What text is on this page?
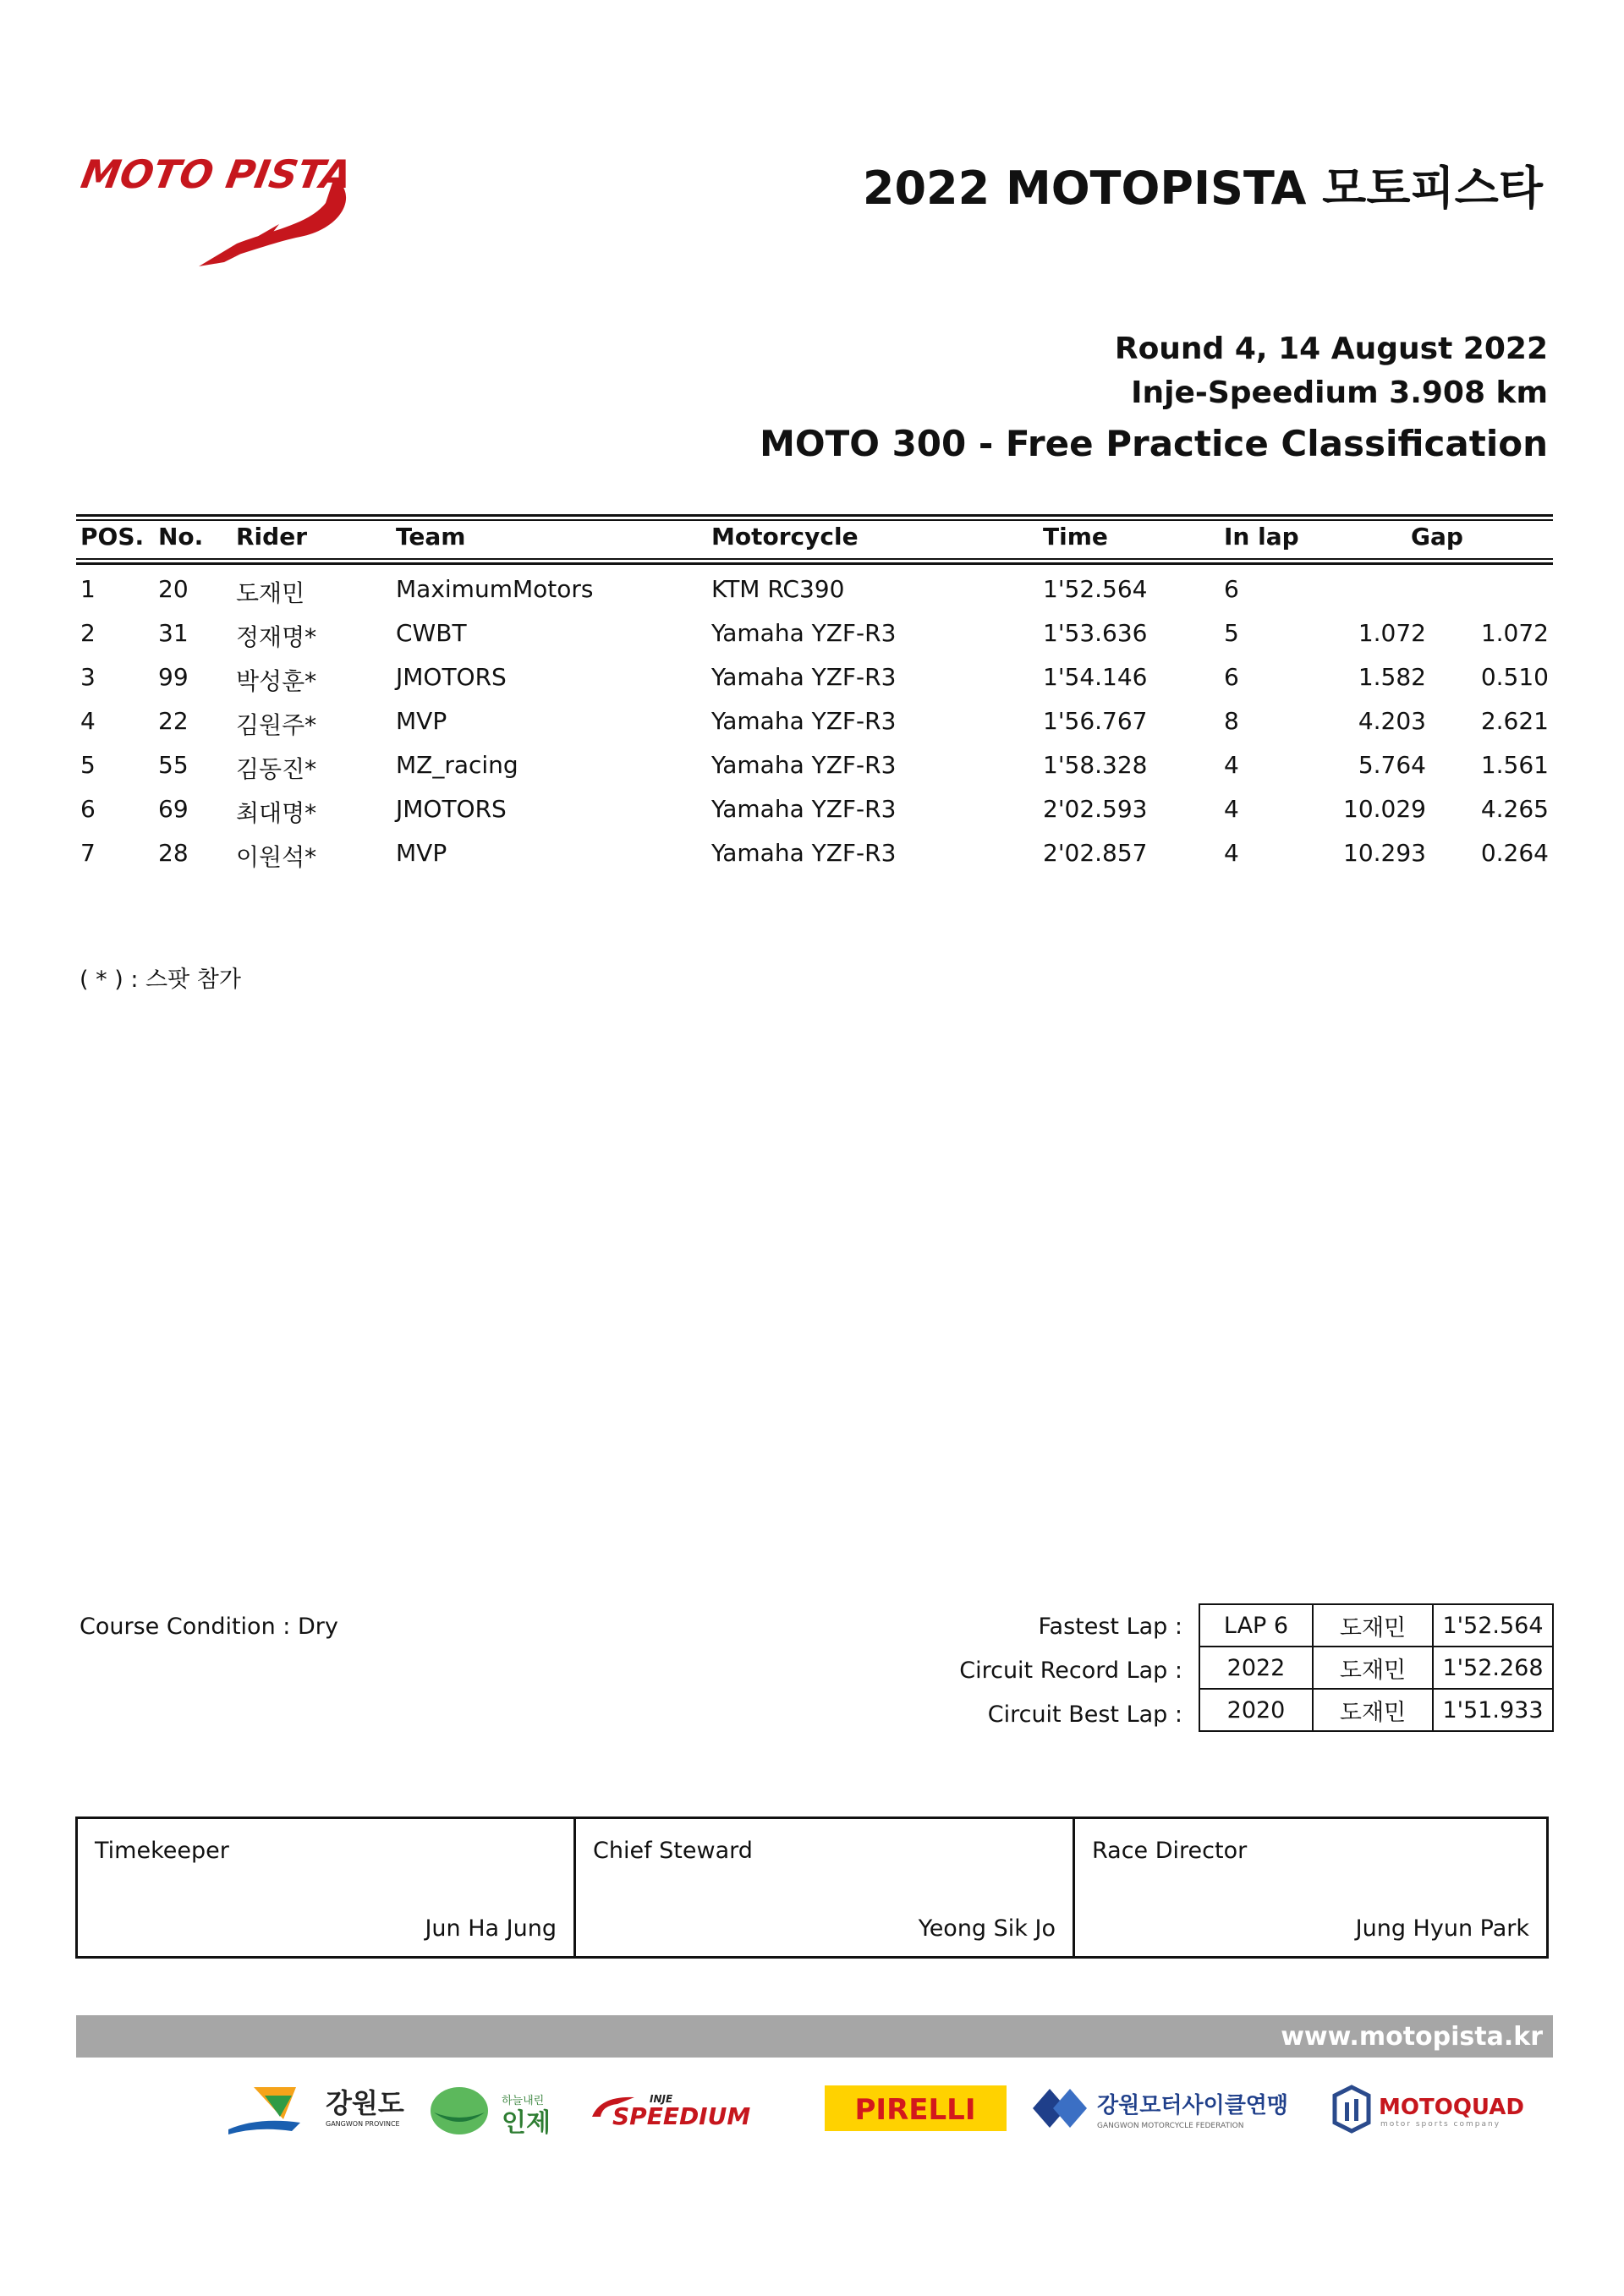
MOTO PISTA	2022 MOTOPISTA 모토피스타
Round 4, 14 August 2022
Inje-Speedium 3.908 km
MOTO 300 - Free Practice Classification
POS. No. Rider	Team	Motorcycle	Time	In lap	Gap
1	20 도재민	MaximumMotors	KTM RC390	1'52.564	6
2	31 정재명*	CWBT	Yamaha YZF-R3	1'53.636	5	1.072 1.072
3	99 박성훈*	JMOTORS	Yamaha YZF-R3	1'54.146	6	1.582 0.510
4	22 김원주*	MVP	Yamaha YZF-R3	1'56.767	8	4.203 2.621
5	55 김동진*	MZ_racing	Yamaha YZF-R3	1'58.328	4	5.764 1.561
6	69 최대명*	JMOTORS	Yamaha YZF-R3	2'02.593	4	10.029 4.265
7	28 이원석*	MVP	Yamaha YZF-R3	2'02.857	4	10.293 0.264
( * ) : 스팟 참가
Course Condition : Dry	Fastest Lap :
Circuit Record Lap :
Circuit Best Lap :
LAP 6	도재민	1'52.564
2022	도재민	1'52.268
2020	도재민	1'51.933
Timekeeper
Jun Ha Jung
Chief Steward
Yeong Sik Jo
Race Director
Jung Hyun Park
www.motopista.kr
강원도
GANGWON PROVINCE
하늘내린
인제
INJE
SPEEDIUM	PIRELLI	강원모터사이클연맹
GANGWON MOTORCYCLE FEDERATION
MOTOQUAD
motor sports company
